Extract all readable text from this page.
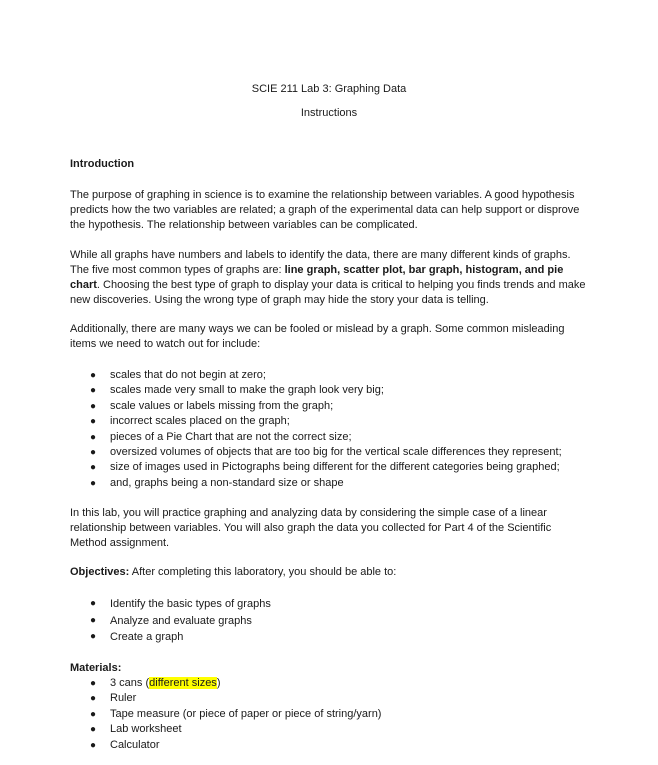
SCIE 211 Lab 3: Graphing Data
Instructions
Introduction

The purpose of graphing in science is to examine the relationship between variables. A good hypothesis predicts how the two variables are related; a graph of the experimental data can help support or disprove the hypothesis. The relationship between variables can be complicated.

While all graphs have numbers and labels to identify the data, there are many different kinds of graphs. The five most common types of graphs are: line graph, scatter plot, bar graph, histogram, and pie chart. Choosing the best type of graph to display your data is critical to helping you finds trends and make new discoveries. Using the wrong type of graph may hide the story your data is telling.

Additionally, there are many ways we can be fooled or mislead by a graph. Some common misleading items we need to watch out for include:

● scales that do not begin at zero;
● scales made very small to make the graph look very big;
● scale values or labels missing from the graph;
● incorrect scales placed on the graph;
● pieces of a Pie Chart that are not the correct size;
● oversized volumes of objects that are too big for the vertical scale differences they represent;
● size of images used in Pictographs being different for the different categories being graphed;
● and, graphs being a non-standard size or shape

In this lab, you will practice graphing and analyzing data by considering the simple case of a linear relationship between variables. You will also graph the data you collected for Part 4 of the Scientific Method assignment.

Objectives: After completing this laboratory, you should be able to:

● Identify the basic types of graphs
● Analyze and evaluate graphs
● Create a graph
Materials:
● 3 cans (different sizes)
● Ruler
● Tape measure (or piece of paper or piece of string/yarn)
● Lab worksheet
● Calculator
